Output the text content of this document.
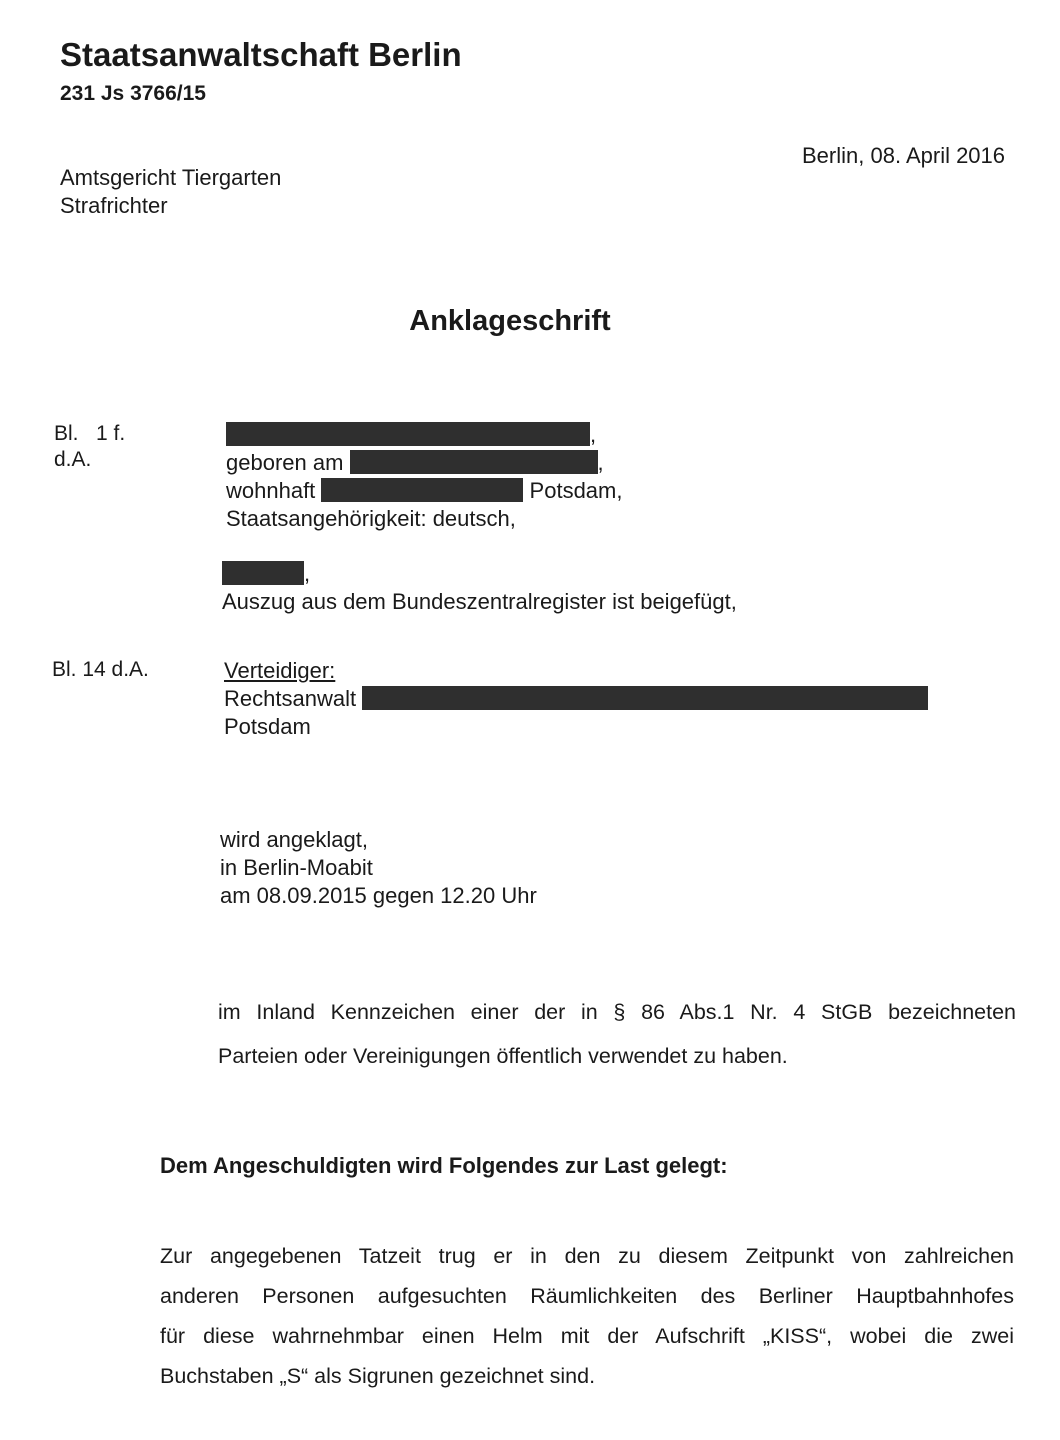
Staatsanwaltschaft Berlin
231 Js 3766/15
Berlin, 08. April 2016
Amtsgericht Tiergarten
Strafrichter
Anklageschrift
Bl.   1 f.
d.A.
,
geboren am	,
wohnhaft	Potsdam,
Staatsangehörigkeit: deutsch,
,
Auszug aus dem Bundeszentralregister ist beigefügt,
Bl. 14 d.A.	Verteidiger:
Rechtsanwalt
Potsdam
wird angeklagt,
in Berlin-Moabit
am 08.09.2015 gegen 12.20 Uhr
im Inland Kennzeichen einer der in § 86 Abs.1 Nr. 4 StGB bezeichneten
Parteien oder Vereinigungen öffentlich verwendet zu haben.
Dem Angeschuldigten wird Folgendes zur Last gelegt:
Zur angegebenen Tatzeit trug er in den zu diesem Zeitpunkt von zahlreichen
anderen Personen aufgesuchten Räumlichkeiten des Berliner Hauptbahnhofes
für diese wahrnehmbar einen Helm mit der Aufschrift „KISS“, wobei die zwei
Buchstaben „S“ als Sigrunen gezeichnet sind.
